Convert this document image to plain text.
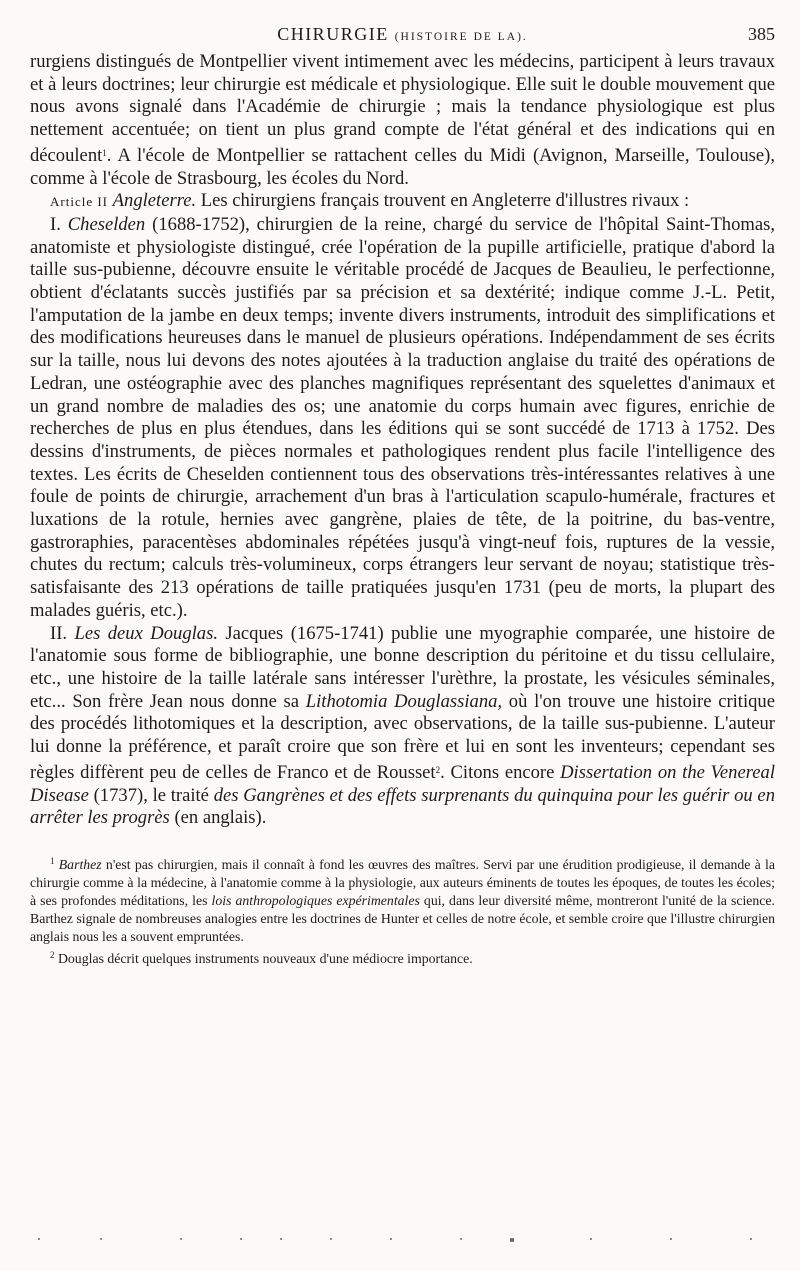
CHIRURGIE (HISTOIRE DE LA).	385

rurgiens distingués de Montpellier vivent intimement avec les médecins, participent à leurs travaux et à leurs doctrines; leur chirurgie est médicale et physiologique. Elle suit le double mouvement que nous avons signalé dans l'Académie de chirurgie ; mais la tendance physiologique est plus nettement accentuée; on tient un plus grand compte de l'état général et des indications qui en découlent$^1$. A l'école de Montpellier se rattachent celles du Midi (Avignon, Marseille, Toulouse), comme à l'école de Strasbourg, les écoles du Nord.

Article II Angleterre. Les chirurgiens français trouvent en Angleterre d'illustres rivaux :

I. Cheselden (1688-1752), chirurgien de la reine, chargé du service de l'hôpital Saint-Thomas, anatomiste et physiologiste distingué, crée l'opération de la pupille artificielle, pratique d'abord la taille sus-pubienne, découvre ensuite le véritable procédé de Jacques de Beaulieu, le perfectionne, obtient d'éclatants succès justifiés par sa précision et sa dextérité; indique comme J.-L. Petit, l'amputation de la jambe en deux temps; invente divers instruments, introduit des simplifications et des modifications heureuses dans le manuel de plusieurs opérations. Indépendamment de ses écrits sur la taille, nous lui devons des notes ajoutées à la traduction anglaise du traité des opérations de Ledran, une ostéographie avec des planches magnifiques représentant des squelettes d'animaux et un grand nombre de maladies des os; une anatomie du corps humain avec figures, enrichie de recherches de plus en plus étendues, dans les éditions qui se sont succédé de 1713 à 1752. Des dessins d'instruments, de pièces normales et pathologiques rendent plus facile l'intelligence des textes. Les écrits de Cheselden contiennent tous des observations très-intéressantes relatives à une foule de points de chirurgie, arrachement d'un bras à l'articulation scapulo-humérale, fractures et luxations de la rotule, hernies avec gangrène, plaies de tête, de la poitrine, du bas-ventre, gastroraphies, paracentèses abdominales répétées jusqu'à vingt-neuf fois, ruptures de la vessie, chutes du rectum; calculs très-volumineux, corps étrangers leur servant de noyau; statistique très-satisfaisante des 213 opérations de taille pratiquées jusqu'en 1731 (peu de morts, la plupart des malades guéris, etc.).

II. Les deux Douglas. Jacques (1675-1741) publie une myographie comparée, une histoire de l'anatomie sous forme de bibliographie, une bonne description du péritoine et du tissu cellulaire, etc., une histoire de la taille latérale sans intéresser l'urèthre, la prostate, les vésicules séminales, etc... Son frère Jean nous donne sa Lithotomia Douglassiana, où l'on trouve une histoire critique des procédés lithotomiques et la description, avec observations, de la taille sus-pubienne. L'auteur lui donne la préférence, et paraît croire que son frère et lui en sont les inventeurs; cependant ses règles diffèrent peu de celles de Franco et de Rousset$^2$. Citons encore Dissertation on the Venereal Disease (1737), le traité des Gangrènes et des effets surprenants du quinquina pour les guérir ou en arrêter les progrès (en anglais).

$^1$ Barthez n'est pas chirurgien, mais il connaît à fond les œuvres des maîtres. Servi par une érudition prodigieuse, il demande à la chirurgie comme à la médecine, à l'anatomie comme à la physiologie, aux auteurs éminents de toutes les époques, de toutes les écoles; à ses profondes méditations, les lois anthropologiques expérimentales qui, dans leur diversité même, montreront l'unité de la science. Barthez signale de nombreuses analogies entre les doctrines de Hunter et celles de notre école, et semble croire que l'illustre chirurgien anglais nous les a souvent empruntées.

$^2$ Douglas décrit quelques instruments nouveaux d'une médiocre importance.
